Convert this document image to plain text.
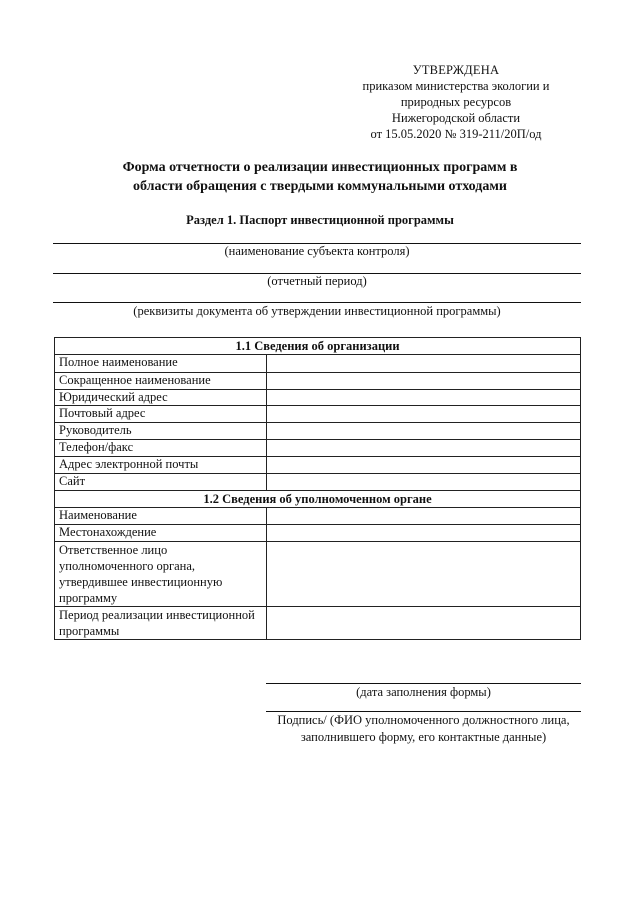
УТВЕРЖДЕНА
приказом министерства экологии и
природных ресурсов
Нижегородской области
от 15.05.2020 № 319-211/20П/од
Форма отчетности о реализации инвестиционных программ в
области обращения с твердыми коммунальными отходами
Раздел 1. Паспорт инвестиционной программы
(наименование субъекта контроля)
(отчетный период)
(реквизиты документа об утверждении инвестиционной программы)
1.1 Сведения об организации	
Полное наименование	
Сокращенное наименование	
Юридический адрес	
Почтовый адрес	
Руководитель	
Телефон/факс	
Адрес электронной почты	
Сайт	
1.2 Сведения об уполномоченном органе	
Наименование	
Местонахождение	
Ответственное лицо уполномоченного органа, утвердившее инвестиционную программу	
Период реализации инвестиционной программы	
(дата заполнения формы)
Подпись/ (ФИО уполномоченного должностного лица,
заполнившего форму, его контактные данные)
